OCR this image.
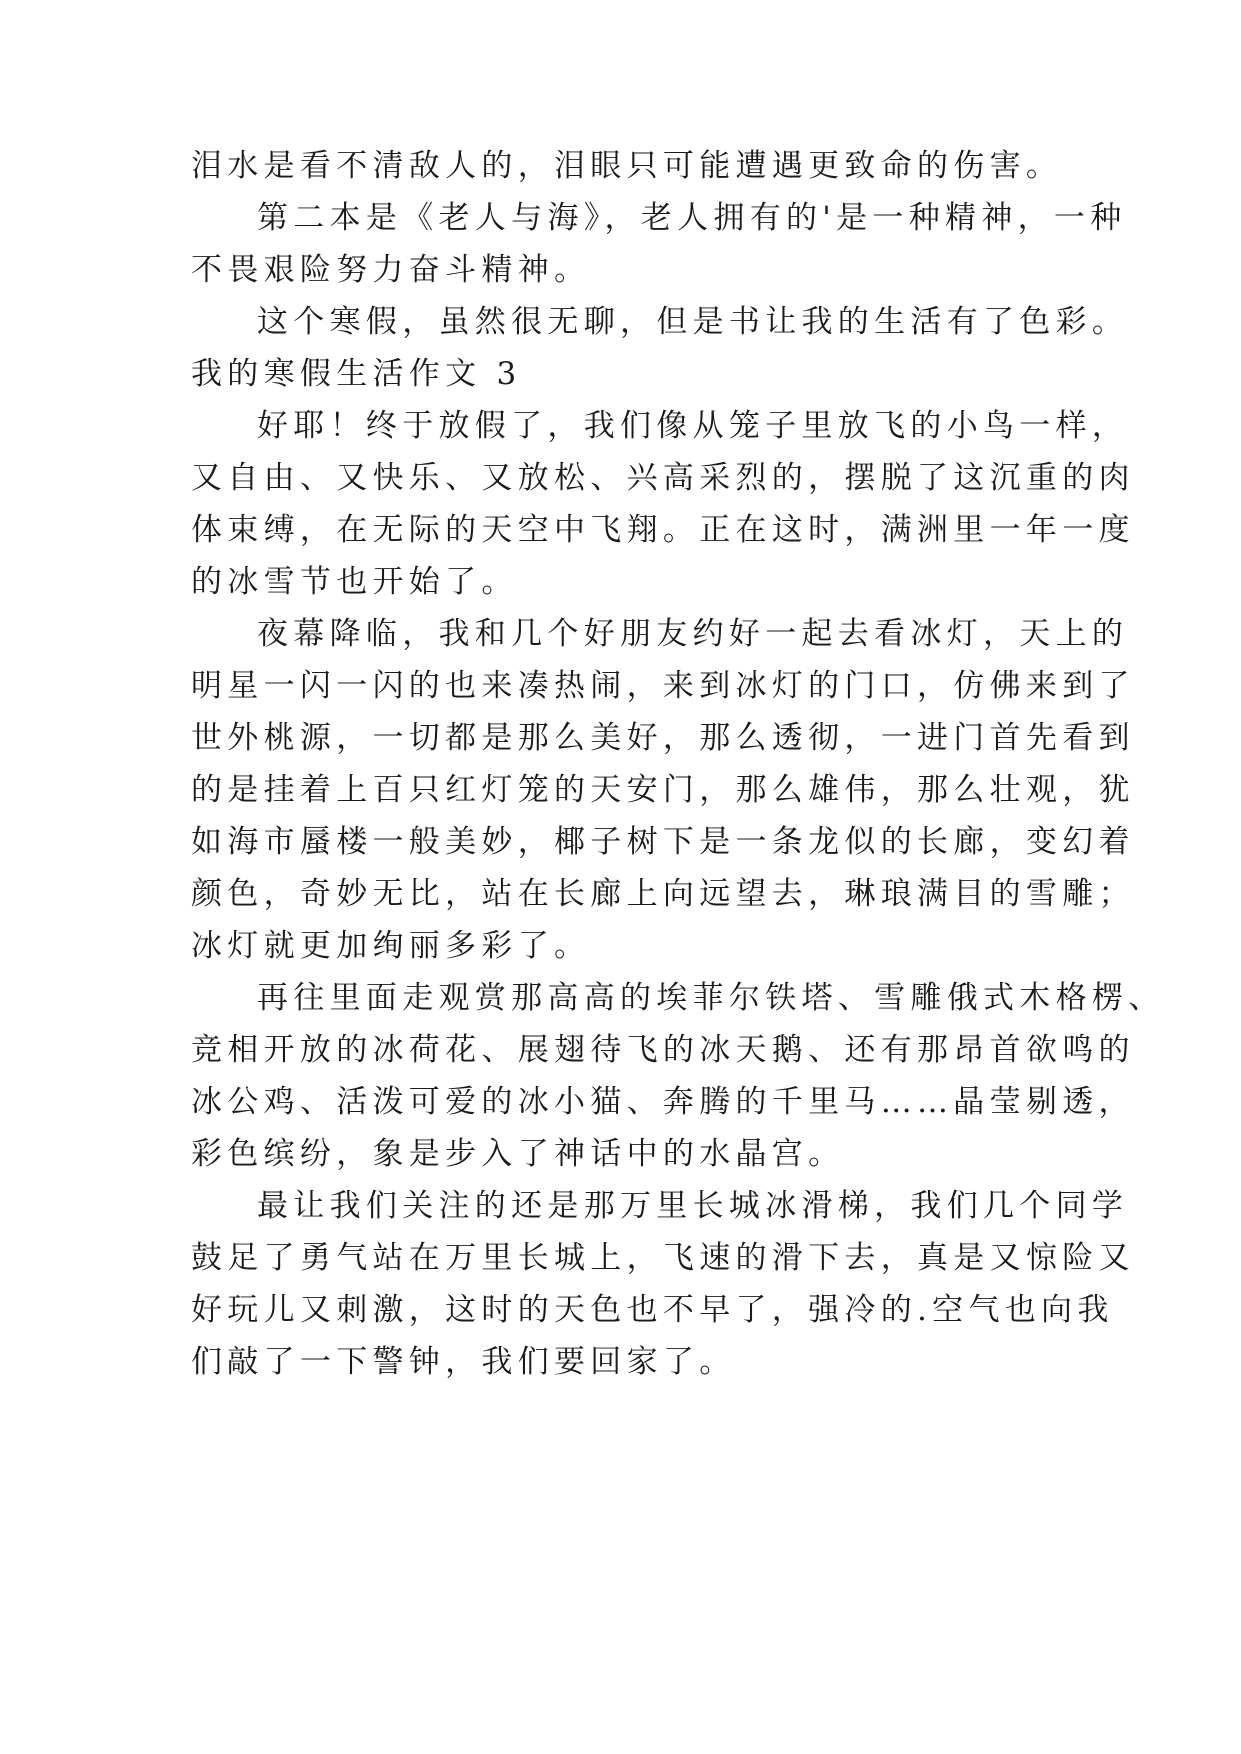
泪水是看不清敌人的，泪眼只可能遭遇更致命的伤害。
第二本是《老人与海》，老人拥有的'是一种精神，一种
不畏艰险努力奋斗精神。
这个寒假，虽然很无聊，但是书让我的生活有了色彩。
我的寒假生活作文 3
好耶！终于放假了，我们像从笼子里放飞的小鸟一样，
又自由、又快乐、又放松、兴高采烈的，摆脱了这沉重的肉
体束缚，在无际的天空中飞翔。正在这时，满洲里一年一度
的冰雪节也开始了。
夜幕降临，我和几个好朋友约好一起去看冰灯，天上的
明星一闪一闪的也来凑热闹，来到冰灯的门口，仿佛来到了
世外桃源，一切都是那么美好，那么透彻，一进门首先看到
的是挂着上百只红灯笼的天安门，那么雄伟，那么壮观，犹
如海市蜃楼一般美妙，椰子树下是一条龙似的长廊，变幻着
颜色，奇妙无比，站在长廊上向远望去，琳琅满目的雪雕；
冰灯就更加绚丽多彩了。
再往里面走观赏那高高的埃菲尔铁塔、雪雕俄式木格楞、
竞相开放的冰荷花、展翅待飞的冰天鹅、还有那昂首欲鸣的
冰公鸡、活泼可爱的冰小猫、奔腾的千里马……晶莹剔透，
彩色缤纷，象是步入了神话中的水晶宫。
最让我们关注的还是那万里长城冰滑梯，我们几个同学
鼓足了勇气站在万里长城上，飞速的滑下去，真是又惊险又
好玩儿又刺激，这时的天色也不早了，强冷的.空气也向我
们敲了一下警钟，我们要回家了。
